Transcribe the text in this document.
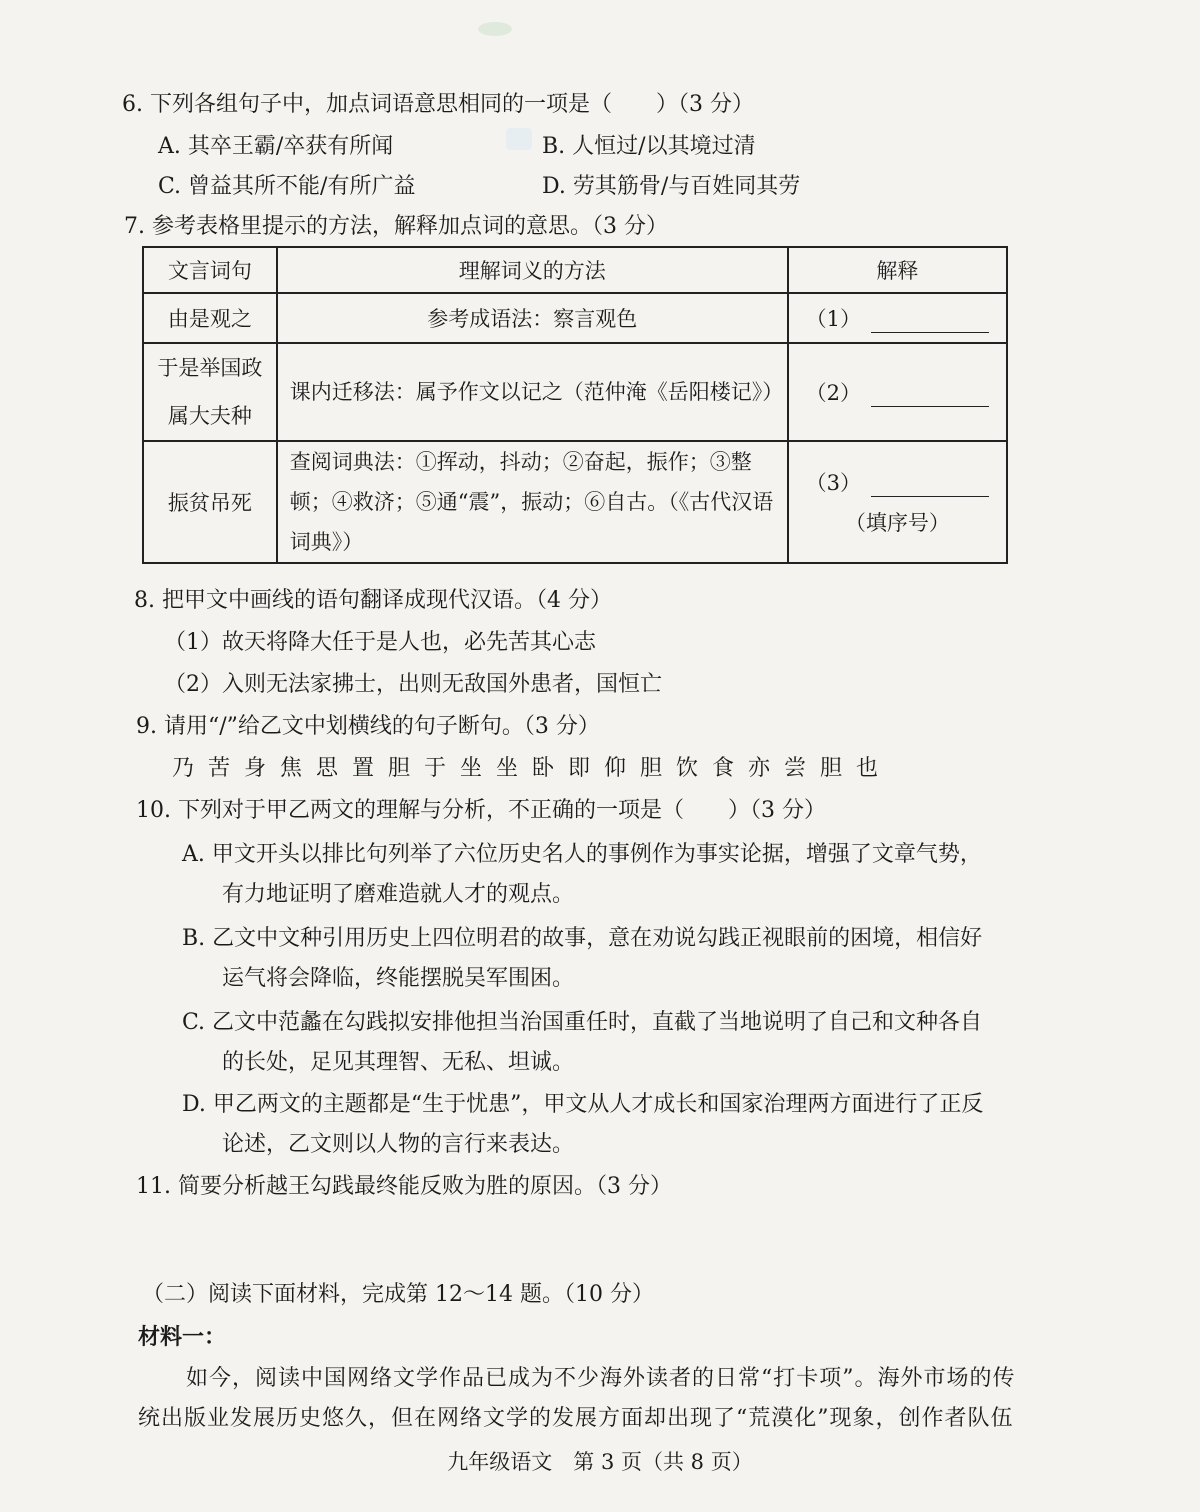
6. 下列各组句子中，加点词语意思相同的一项是（　　）（3 分）
A. 其卒王霸/卒获有所闻	B. 人恒过/以其境过清
C. 曾益其所不能/有所广益	D. 劳其筋骨/与百姓同其劳
7. 参考表格里提示的方法，解释加点词的意思。（3 分）
文言词句	理解词义的方法	解释
由是观之	参考成语法：察言观色	（1）
于是举国政属大夫种	课内迁移法：属予作文以记之（范仲淹《岳阳楼记》）	（2）
振贫吊死	查阅词典法：①挥动，抖动；②奋起，振作；③整顿；④救济；⑤通“震”，振动；⑥自古。（《古代汉语词典》）	（3）
（填序号）
8. 把甲文中画线的语句翻译成现代汉语。（4 分）
（1）故天将降大任于是人也，必先苦其心志
（2）入则无法家拂士，出则无敌国外患者，国恒亡
9. 请用“/”给乙文中划横线的句子断句。（3 分）
乃苦身焦思置胆于坐坐卧即仰胆饮食亦尝胆也
10. 下列对于甲乙两文的理解与分析，不正确的一项是（　　）（3 分）
A. 甲文开头以排比句列举了六位历史名人的事例作为事实论据，增强了文章气势，
有力地证明了磨难造就人才的观点。
B. 乙文中文种引用历史上四位明君的故事，意在劝说勾践正视眼前的困境，相信好
运气将会降临，终能摆脱吴军围困。
C. 乙文中范蠡在勾践拟安排他担当治国重任时，直截了当地说明了自己和文种各自
的长处，足见其理智、无私、坦诚。
D. 甲乙两文的主题都是“生于忧患”，甲文从人才成长和国家治理两方面进行了正反
论述，乙文则以人物的言行来表达。
11. 简要分析越王勾践最终能反败为胜的原因。（3 分）
（二）阅读下面材料，完成第 12～14 题。（10 分）
材料一：
如今，阅读中国网络文学作品已成为不少海外读者的日常“打卡项”。海外市场的传
统出版业发展历史悠久，但在网络文学的发展方面却出现了“荒漠化”现象，创作者队伍
九年级语文　第 3 页（共 8 页）
